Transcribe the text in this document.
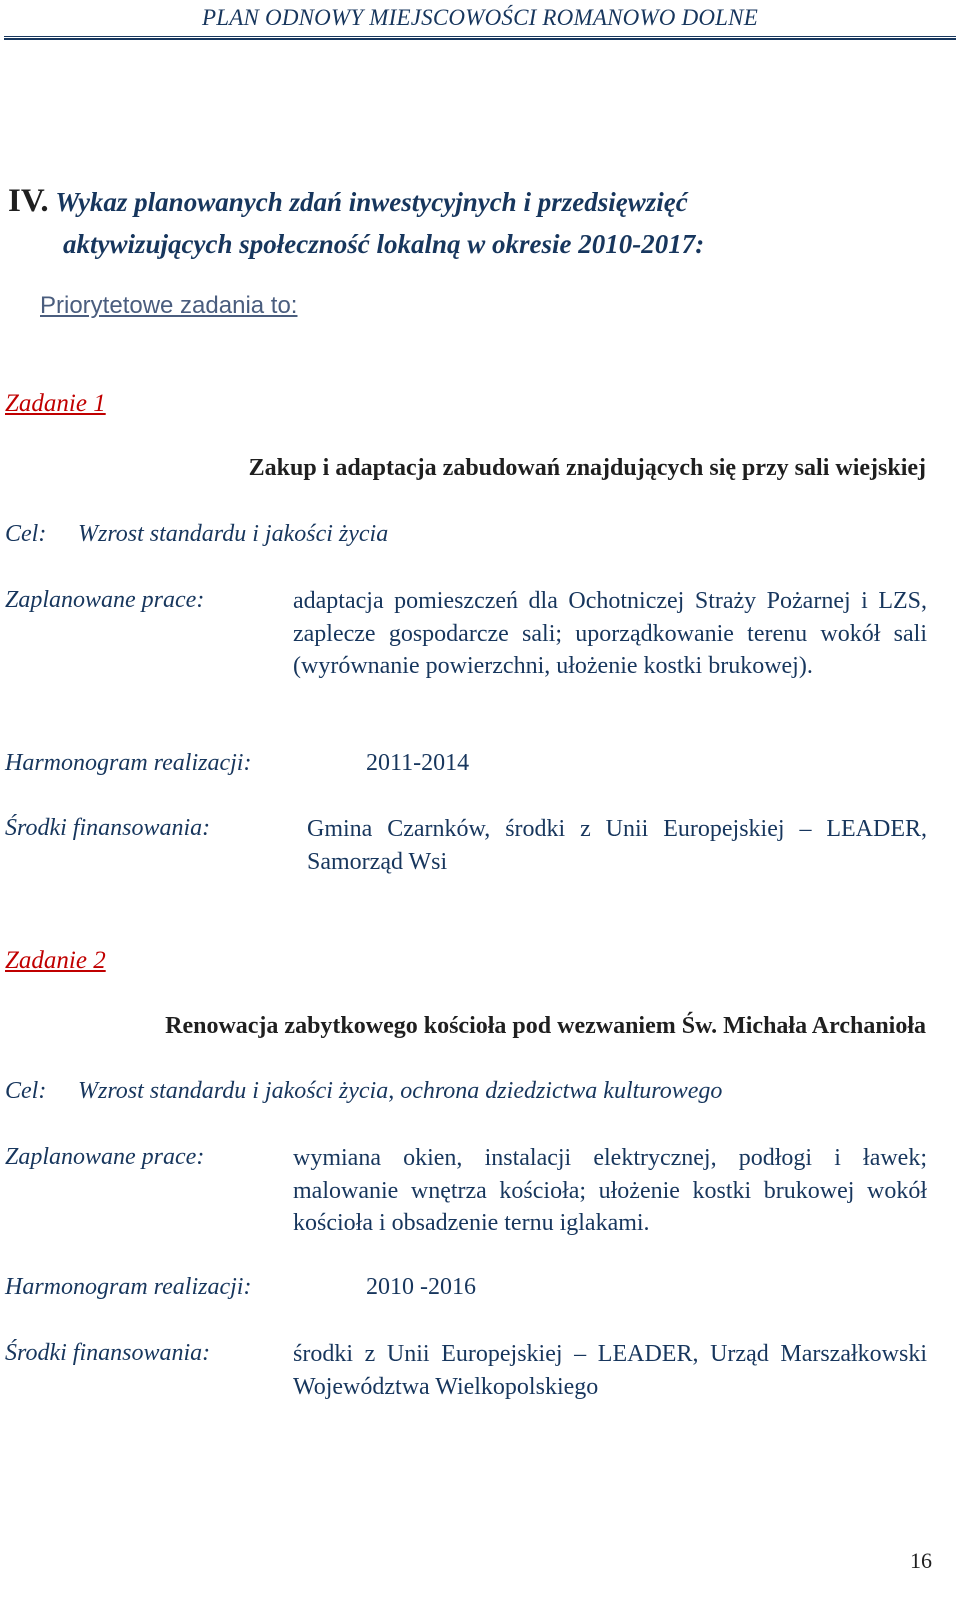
PLAN ODNOWY MIEJSCOWOŚCI ROMANOWO DOLNE
IV. Wykaz planowanych zdań inwestycyjnych i przedsięwzięć
aktywizujących społeczność lokalną w okresie 2010-2017:
Priorytetowe zadania to:
Zadanie 1
Zakup i adaptacja zabudowań znajdujących się przy sali wiejskiej
Cel: Wzrost standardu i jakości życia
Zaplanowane prace:	adaptacja pomieszczeń dla Ochotniczej Straży Pożarnej i LZS, zaplecze gospodarcze sali; uporządkowanie terenu wokół sali (wyrównanie powierzchni, ułożenie kostki brukowej).
Harmonogram realizacji:	2011-2014
Środki finansowania:	Gmina Czarnków, środki z Unii Europejskiej – LEADER, Samorząd Wsi
Zadanie 2
Renowacja zabytkowego kościoła pod wezwaniem Św. Michała Archanioła
Cel: Wzrost standardu i jakości życia, ochrona dziedzictwa kulturowego
Zaplanowane prace:	wymiana okien, instalacji elektrycznej, podłogi i ławek; malowanie wnętrza kościoła; ułożenie kostki brukowej wokół kościoła i obsadzenie ternu iglakami.
Harmonogram realizacji:	2010 -2016
Środki finansowania:	środki z Unii Europejskiej – LEADER, Urząd Marszałkowski Województwa Wielkopolskiego
16
